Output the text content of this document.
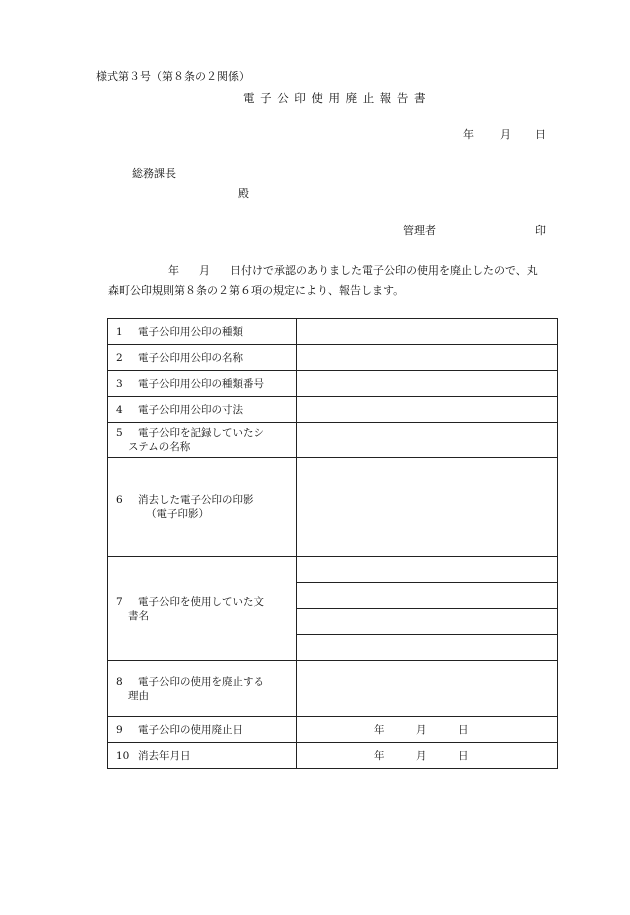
様式第３号（第８条の２関係）
電子公印使用廃止報告書
年 月 日
総務課長
殿
管理者	印
年 月 日付けで承認のありました電子公印の使用を廃止したので、丸
森町公印規則第８条の２第６項の規定により、報告します。
1 電子公印用公印の種類	
2 電子公印用公印の名称	
3 電子公印用公印の種類番号	
4 電子公印用公印の寸法	

5 電子公印を記録していたシ
ステムの名称	

6 消去した電子公印の印影
（電子印影）	

7 電子公印を使用していた文
書名	

8 電子公印の使用を廃止する
理由	

9 電子公印の使用廃止日	年 月 日

10 消去年月日	年 月 日
